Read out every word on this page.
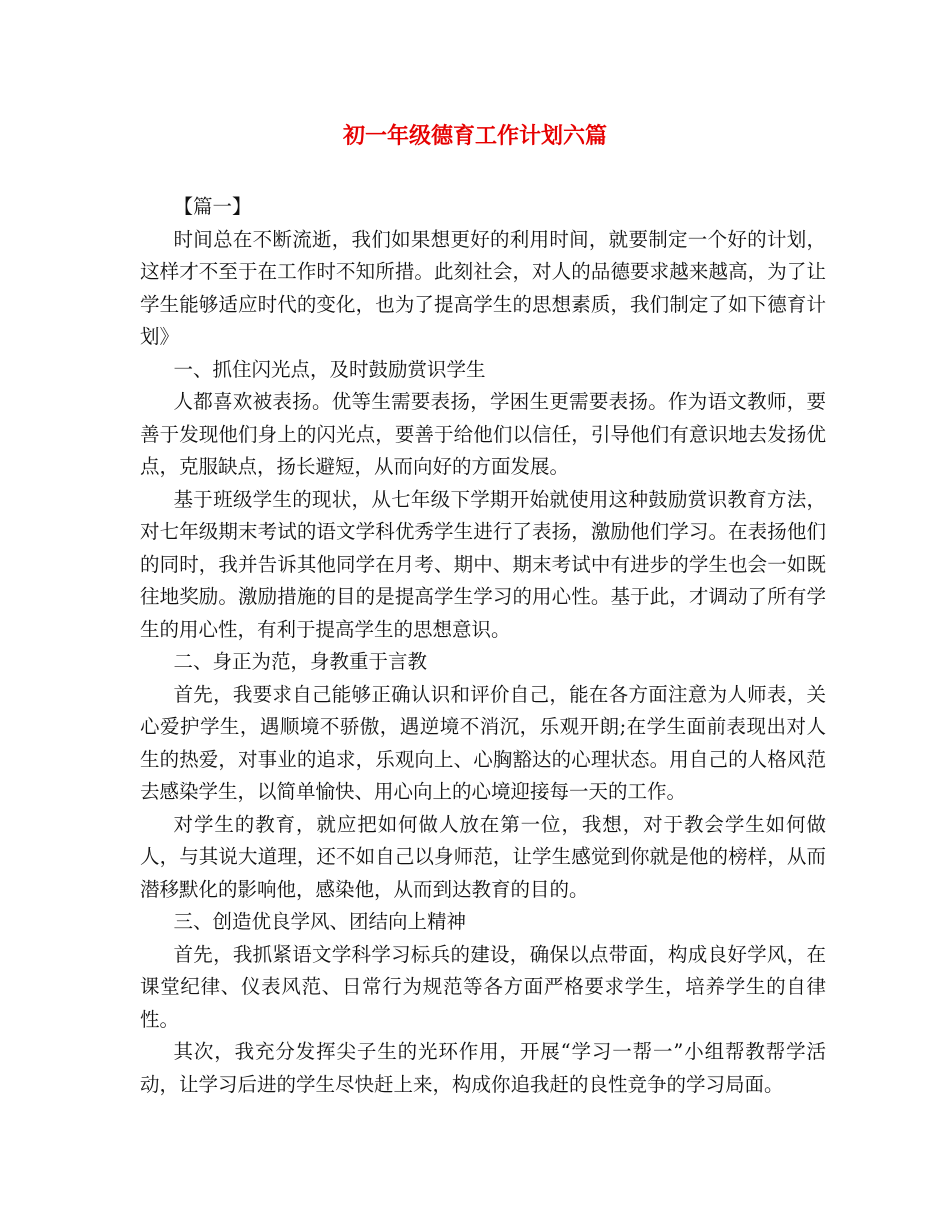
初一年级德育工作计划六篇

【篇一】

时间总在不断流逝，我们如果想更好的利用时间，就要制定一个好的计划，这样才不至于在工作时不知所措。此刻社会，对人的品德要求越来越高，为了让学生能够适应时代的变化，也为了提高学生的思想素质，我们制定了如下德育计划》

一、抓住闪光点，及时鼓励赏识学生

人都喜欢被表扬。优等生需要表扬，学困生更需要表扬。作为语文教师，要善于发现他们身上的闪光点，要善于给他们以信任，引导他们有意识地去发扬优点，克服缺点，扬长避短，从而向好的方面发展。

基于班级学生的现状，从七年级下学期开始就使用这种鼓励赏识教育方法，对七年级期末考试的语文学科优秀学生进行了表扬，激励他们学习。在表扬他们的同时，我并告诉其他同学在月考、期中、期末考试中有进步的学生也会一如既往地奖励。激励措施的目的是提高学生学习的用心性。基于此，才调动了所有学生的用心性，有利于提高学生的思想意识。

二、身正为范，身教重于言教

首先，我要求自己能够正确认识和评价自己，能在各方面注意为人师表，关心爱护学生，遇顺境不骄傲，遇逆境不消沉，乐观开朗;在学生面前表现出对人生的热爱，对事业的追求，乐观向上、心胸豁达的心理状态。用自己的人格风范去感染学生，以简单愉快、用心向上的心境迎接每一天的工作。

对学生的教育，就应把如何做人放在第一位，我想，对于教会学生如何做人，与其说大道理，还不如自己以身师范，让学生感觉到你就是他的榜样，从而潜移默化的影响他，感染他，从而到达教育的目的。

三、创造优良学风、团结向上精神

首先，我抓紧语文学科学习标兵的建设，确保以点带面，构成良好学风，在课堂纪律、仪表风范、日常行为规范等各方面严格要求学生，培养学生的自律性。

其次，我充分发挥尖子生的光环作用，开展“学习一帮一”小组帮教帮学活动，让学习后进的学生尽快赶上来，构成你追我赶的良性竞争的学习局面。
